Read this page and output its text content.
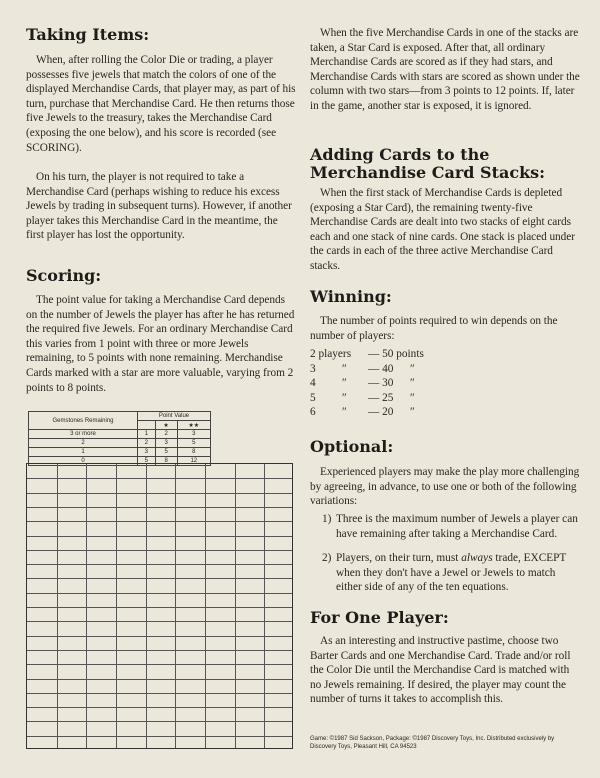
Taking Items:

When, after rolling the Color Die or trading, a player possesses five jewels that match the colors of one of the displayed Merchandise Cards, that player may, as part of his turn, purchase that Merchandise Card. He then returns those five Jewels to the treasury, takes the Merchandise Card (exposing the one below), and his score is recorded (see SCORING).

On his turn, the player is not required to take a Merchandise Card (perhaps wishing to reduce his excess Jewels by trading in subsequent turns). However, if another player takes this Merchandise Card in the meantime, the first player has lost the opportunity.

Scoring:

The point value for taking a Merchandise Card depends on the number of Jewels the player has after he has returned the required five Jewels. For an ordinary Merchandise Card this varies from 1 point with three or more Jewels remaining, to 5 points with none remaining. Merchandise Cards marked with a star are more valuable, varying from 2 points to 8 points.

Gemstones Remaining	Point Value		
		★	★★
3 or more	1	2	3
2	2	3	5
1	3	5	8
0	5	8	12

When the five Merchandise Cards in one of the stacks are taken, a Star Card is exposed. After that, all ordinary Merchandise Cards are scored as if they had stars, and Merchandise Cards with stars are scored as shown under the column with two stars—from 3 points to 12 points. If, later in the game, another star is exposed, it is ignored.

Adding Cards to the Merchandise Card Stacks:

When the first stack of Merchandise Cards is depleted (exposing a Star Card), the remaining twenty-five Merchandise Cards are dealt into two stacks of eight cards each and one stack of nine cards. One stack is placed under the cards in each of the three active Merchandise Card stacks.

Winning:

The number of points required to win depends on the number of players:

2 players — 50 points
3 ″ — 40 ″
4 ″ — 30 ″
5 ″ — 25 ″
6 ″ — 20 ″
Optional:

Experienced players may make the play more challenging by agreeing, in advance, to use one or both of the following variations:

1) Three is the maximum number of Jewels a player can have remaining after taking a Merchandise Card.
2) Players, on their turn, must always trade, EXCEPT when they don't have a Jewel or Jewels to match either side of any of the ten equations.
For One Player:

As an interesting and instructive pastime, choose two Barter Cards and one Merchandise Card. Trade and/or roll the Color Die until the Merchandise Card is matched with no Jewels remaining. If desired, the player may count the number of turns it takes to accomplish this.

Game: ©1987 Sid Sackson, Package: ©1987 Discovery Toys, Inc. Distributed exclusively by Discovery Toys, Pleasant Hill, CA 94523
